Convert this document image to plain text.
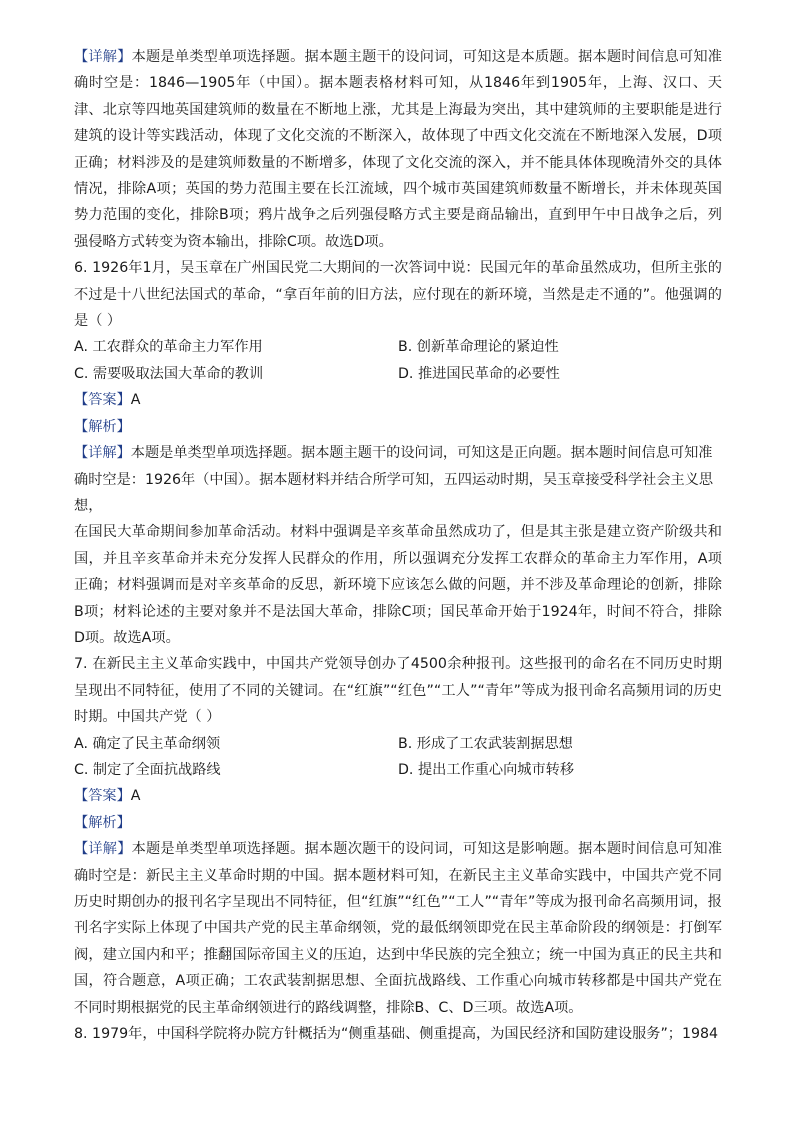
【详解】本题是单类型单项选择题。据本题主题干的设问词，可知这是本质题。据本题时间信息可知准确时空是：1846—1905年（中国）。据本题表格材料可知，从1846年到1905年，上海、汉口、天津、北京等四地英国建筑师的数量在不断地上涨，尤其是上海最为突出，其中建筑师的主要职能是进行建筑的设计等实践活动，体现了文化交流的不断深入，故体现了中西文化交流在不断地深入发展，D项正确；材料涉及的是建筑师数量的不断增多，体现了文化交流的深入，并不能具体体现晚清外交的具体情况，排除A项；英国的势力范围主要在长江流域，四个城市英国建筑师数量不断增长，并未体现英国势力范围的变化，排除B项；鸦片战争之后列强侵略方式主要是商品输出，直到甲午中日战争之后，列强侵略方式转变为资本输出，排除C项。故选D项。

6. 1926年1月，吴玉章在广州国民党二大期间的一次答词中说：民国元年的革命虽然成功，但所主张的不过是十八世纪法国式的革命，“拿百年前的旧方法，应付现在的新环境，当然是走不通的”。他强调的是（ ）

A. 工农群众的革命主力军作用	B. 创新革命理论的紧迫性
C. 需要吸取法国大革命的教训	D. 推进国民革命的必要性

【答案】A

【解析】

【详解】本题是单类型单项选择题。据本题主题干的设问词，可知这是正向题。据本题时间信息可知准确时空是：1926年（中国）。据本题材料并结合所学可知，五四运动时期，吴玉章接受科学社会主义思想，

在国民大革命期间参加革命活动。材料中强调是辛亥革命虽然成功了，但是其主张是建立资产阶级共和国，并且辛亥革命并未充分发挥人民群众的作用，所以强调充分发挥工农群众的革命主力军作用，A项正确；材料强调而是对辛亥革命的反思，新环境下应该怎么做的问题，并不涉及革命理论的创新，排除B项；材料论述的主要对象并不是法国大革命，排除C项；国民革命开始于1924年，时间不符合，排除D项。故选A项。

7. 在新民主主义革命实践中，中国共产党领导创办了4500余种报刊。这些报刊的命名在不同历史时期呈现出不同特征，使用了不同的关键词。在“红旗”“红色”“工人”“青年”等成为报刊命名高频用词的历史时期。中国共产党（ ）

A. 确定了民主革命纲领	B. 形成了工农武装割据思想
C. 制定了全面抗战路线	D. 提出工作重心向城市转移

【答案】A

【解析】

【详解】本题是单类型单项选择题。据本题次题干的设问词，可知这是影响题。据本题时间信息可知准确时空是：新民主主义革命时期的中国。据本题材料可知，在新民主主义革命实践中，中国共产党不同历史时期创办的报刊名字呈现出不同特征，但“红旗”“红色”“工人”“青年”等成为报刊命名高频用词，报刊名字实际上体现了中国共产党的民主革命纲领，党的最低纲领即党在民主革命阶段的纲领是：打倒军阀，建立国内和平；推翻国际帝国主义的压迫，达到中华民族的完全独立；统一中国为真正的民主共和国，符合题意，A项正确；工农武装割据思想、全面抗战路线、工作重心向城市转移都是中国共产党在不同时期根据党的民主革命纲领进行的路线调整，排除B、C、D三项。故选A项。

8. 1979年，中国科学院将办院方针概括为“侧重基础、侧重提高，为国民经济和国防建设服务”；1984
